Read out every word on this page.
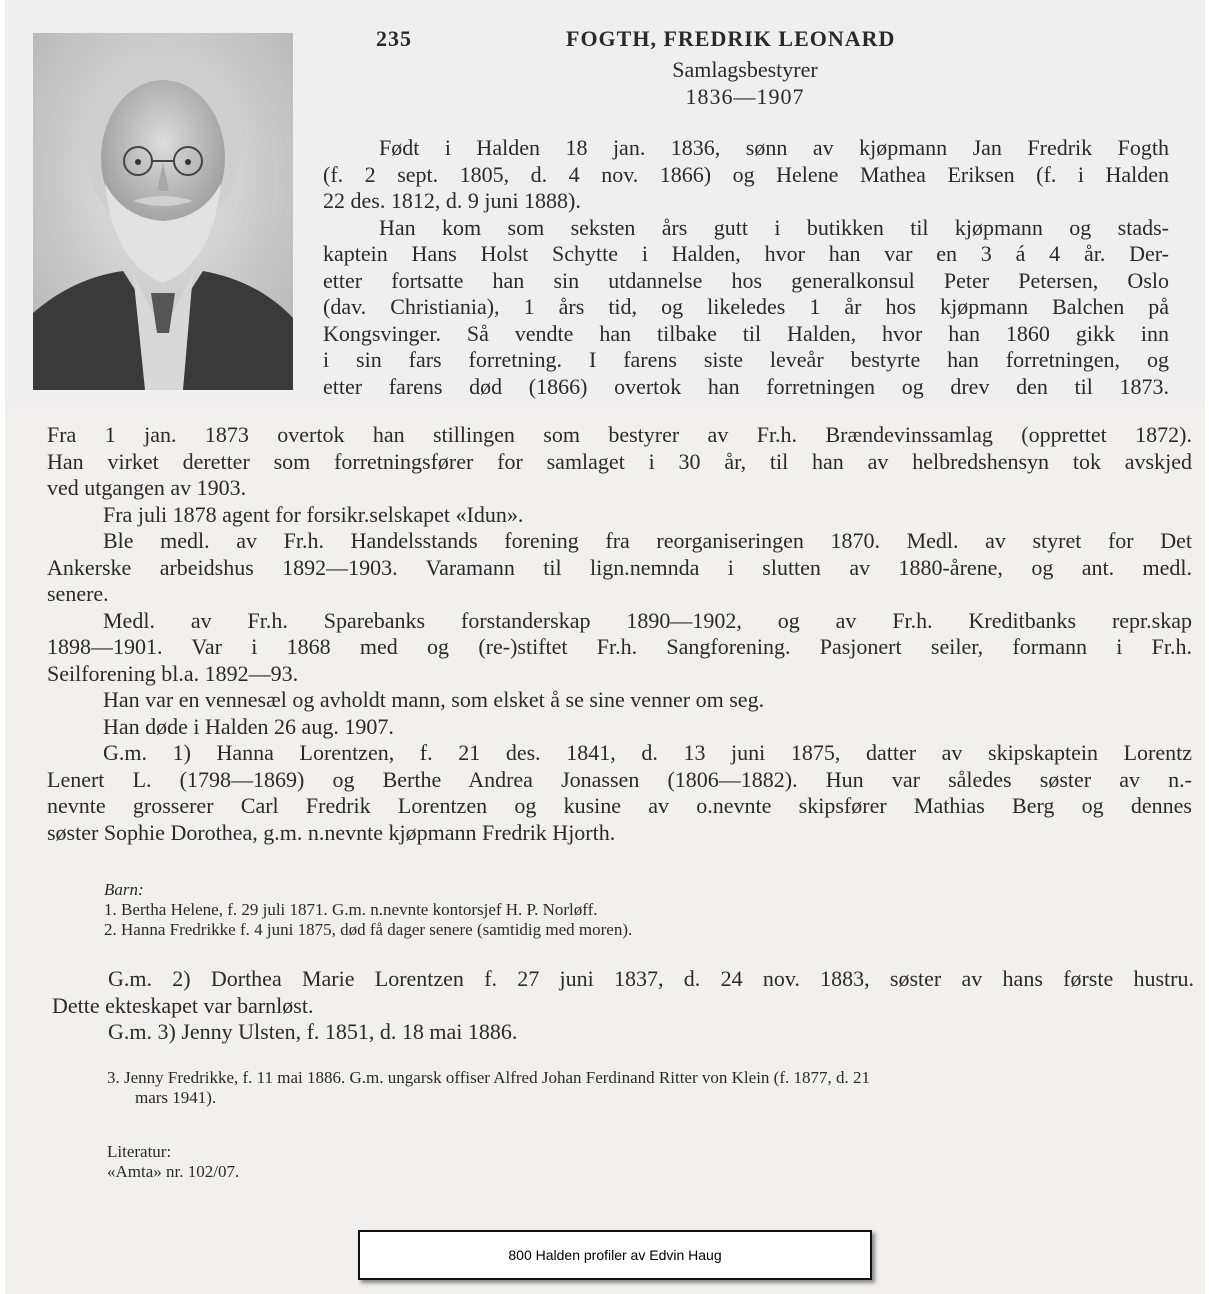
235	FOGTH, FREDRIK LEONARD
Samlagsbestyrer
1836—1907
Født i Halden 18 jan. 1836, sønn av kjøpmann Jan Fredrik Fogth
(f. 2 sept. 1805, d. 4 nov. 1866) og Helene Mathea Eriksen (f. i Halden
22 des. 1812, d. 9 juni 1888).
Han kom som seksten års gutt i butikken til kjøpmann og stads-
kaptein Hans Holst Schytte i Halden, hvor han var en 3 á 4 år. Der-
etter fortsatte han sin utdannelse hos generalkonsul Peter Petersen, Oslo
(dav. Christiania), 1 års tid, og likeledes 1 år hos kjøpmann Balchen på
Kongsvinger. Så vendte han tilbake til Halden, hvor han 1860 gikk inn
i sin fars forretning. I farens siste leveår bestyrte han forretningen, og
etter farens død (1866) overtok han forretningen og drev den til 1873.
Fra 1 jan. 1873 overtok han stillingen som bestyrer av Fr.h. Brændevinssamlag (opprettet 1872).
Han virket deretter som forretningsfører for samlaget i 30 år, til han av helbredshensyn tok avskjed
ved utgangen av 1903.
Fra juli 1878 agent for forsikr.selskapet «Idun».
Ble medl. av Fr.h. Handelsstands forening fra reorganiseringen 1870. Medl. av styret for Det
Ankerske arbeidshus 1892—1903. Varamann til lign.nemnda i slutten av 1880-årene, og ant. medl.
senere.
Medl. av Fr.h. Sparebanks forstanderskap 1890—1902, og av Fr.h. Kreditbanks repr.skap
1898—1901. Var i 1868 med og (re-)stiftet Fr.h. Sangforening. Pasjonert seiler, formann i Fr.h.
Seilforening bl.a. 1892—93.
Han var en vennesæl og avholdt mann, som elsket å se sine venner om seg.
Han døde i Halden 26 aug. 1907.
G.m. 1) Hanna Lorentzen, f. 21 des. 1841, d. 13 juni 1875, datter av skipskaptein Lorentz
Lenert L. (1798—1869) og Berthe Andrea Jonassen (1806—1882). Hun var således søster av n.-
nevnte grosserer Carl Fredrik Lorentzen og kusine av o.nevnte skipsfører Mathias Berg og dennes
søster Sophie Dorothea, g.m. n.nevnte kjøpmann Fredrik Hjorth.
Barn:
1. Bertha Helene, f. 29 juli 1871. G.m. n.nevnte kontorsjef H. P. Norløff.
2. Hanna Fredrikke f. 4 juni 1875, død få dager senere (samtidig med moren).
G.m. 2) Dorthea Marie Lorentzen f. 27 juni 1837, d. 24 nov. 1883, søster av hans første hustru.
Dette ekteskapet var barnløst.
G.m. 3) Jenny Ulsten, f. 1851, d. 18 mai 1886.
3. Jenny Fredrikke, f. 11 mai 1886. G.m. ungarsk offiser Alfred Johan Ferdinand Ritter von Klein (f. 1877, d. 21
mars 1941).
Literatur:
«Amta» nr. 102/07.
800 Halden profiler av Edvin Haug
